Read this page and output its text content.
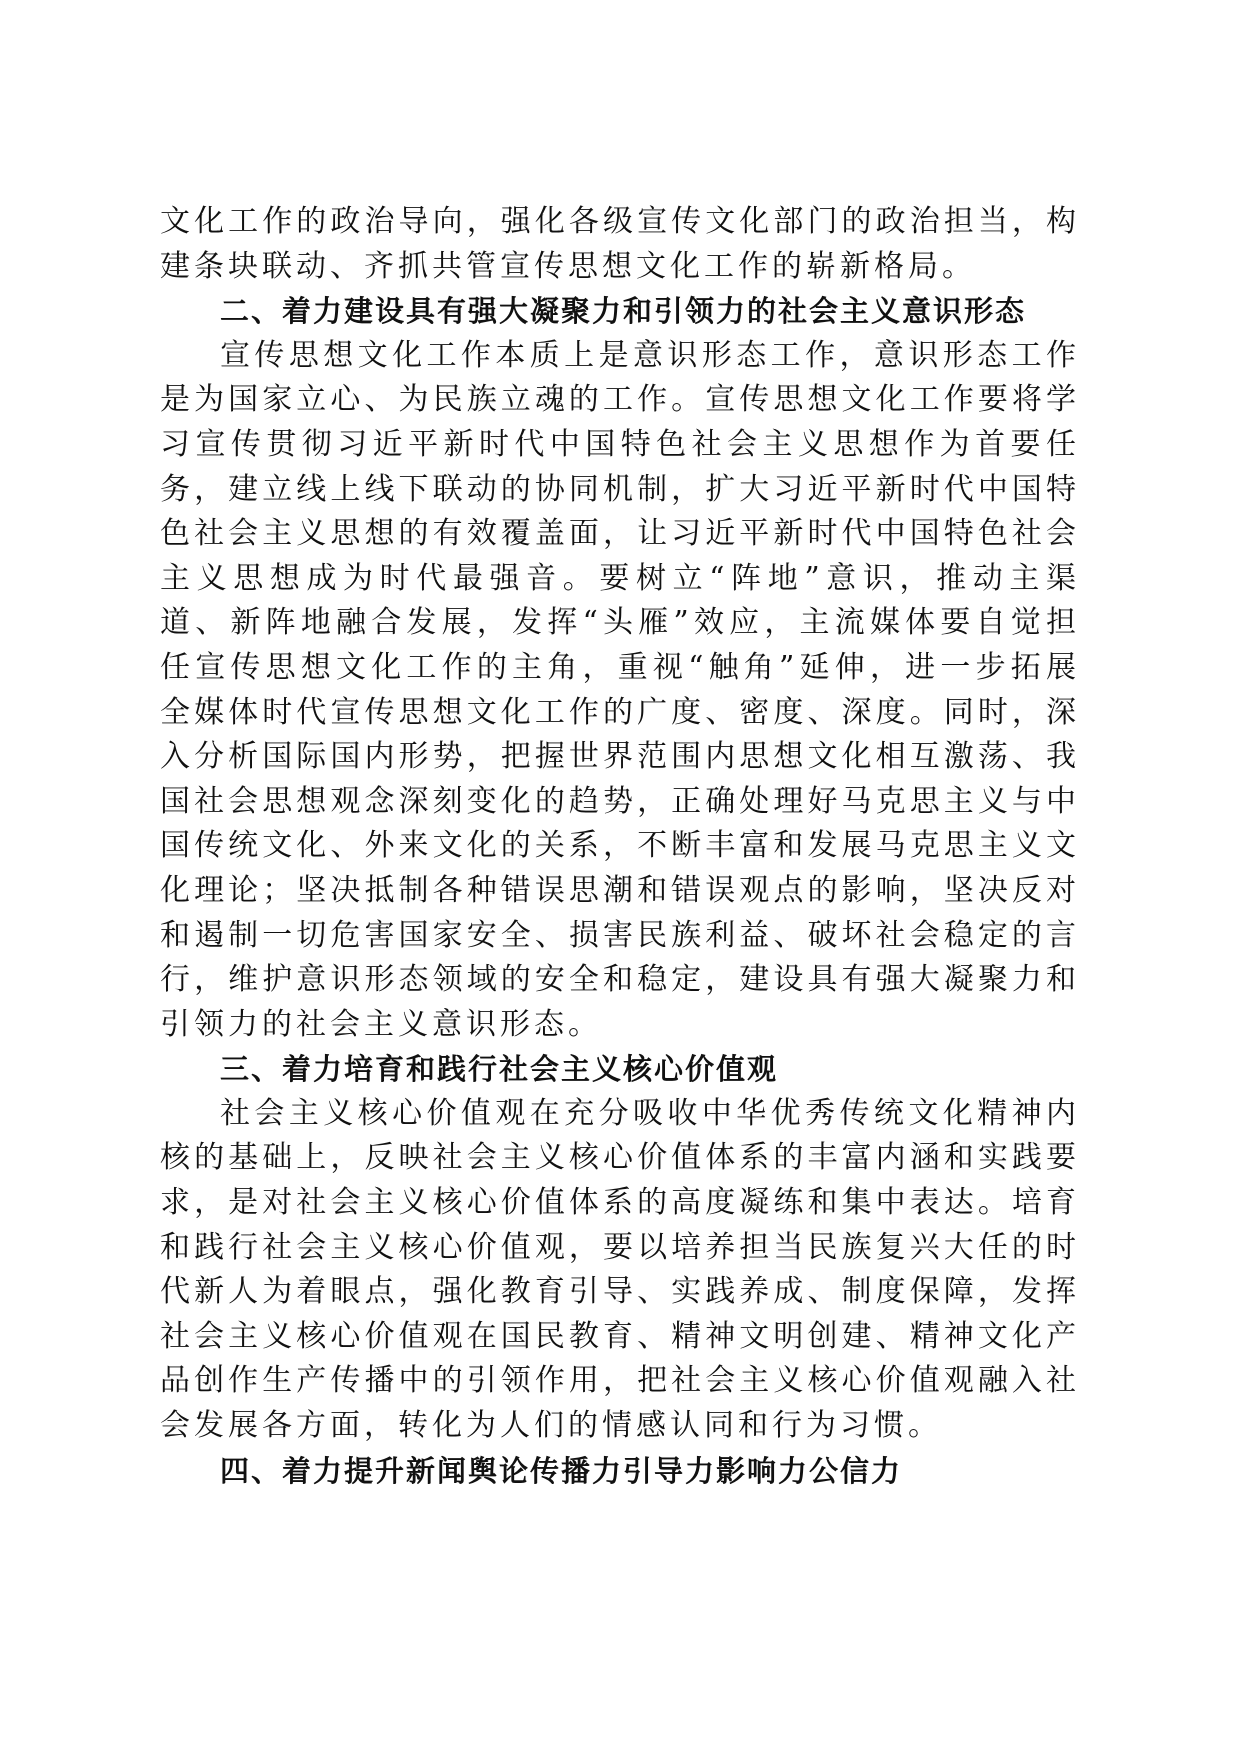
文化工作的政治导向，强化各级宣传文化部门的政治担当，构建条块联动、齐抓共管宣传思想文化工作的崭新格局。

二、着力建设具有强大凝聚力和引领力的社会主义意识形态

宣传思想文化工作本质上是意识形态工作，意识形态工作是为国家立心、为民族立魂的工作。宣传思想文化工作要将学习宣传贯彻习近平新时代中国特色社会主义思想作为首要任务，建立线上线下联动的协同机制，扩大习近平新时代中国特色社会主义思想的有效覆盖面，让习近平新时代中国特色社会主义思想成为时代最强音。要树立“阵地”意识，推动主渠道、新阵地融合发展，发挥“头雁”效应，主流媒体要自觉担任宣传思想文化工作的主角，重视“触角”延伸，进一步拓展全媒体时代宣传思想文化工作的广度、密度、深度。同时，深入分析国际国内形势，把握世界范围内思想文化相互激荡、我国社会思想观念深刻变化的趋势，正确处理好马克思主义与中国传统文化、外来文化的关系，不断丰富和发展马克思主义文化理论；坚决抵制各种错误思潮和错误观点的影响，坚决反对和遏制一切危害国家安全、损害民族利益、破坏社会稳定的言行，维护意识形态领域的安全和稳定，建设具有强大凝聚力和引领力的社会主义意识形态。

三、着力培育和践行社会主义核心价值观

社会主义核心价值观在充分吸收中华优秀传统文化精神内核的基础上，反映社会主义核心价值体系的丰富内涵和实践要求，是对社会主义核心价值体系的高度凝练和集中表达。培育和践行社会主义核心价值观，要以培养担当民族复兴大任的时代新人为着眼点，强化教育引导、实践养成、制度保障，发挥社会主义核心价值观在国民教育、精神文明创建、精神文化产品创作生产传播中的引领作用，把社会主义核心价值观融入社会发展各方面，转化为人们的情感认同和行为习惯。

四、着力提升新闻舆论传播力引导力影响力公信力
